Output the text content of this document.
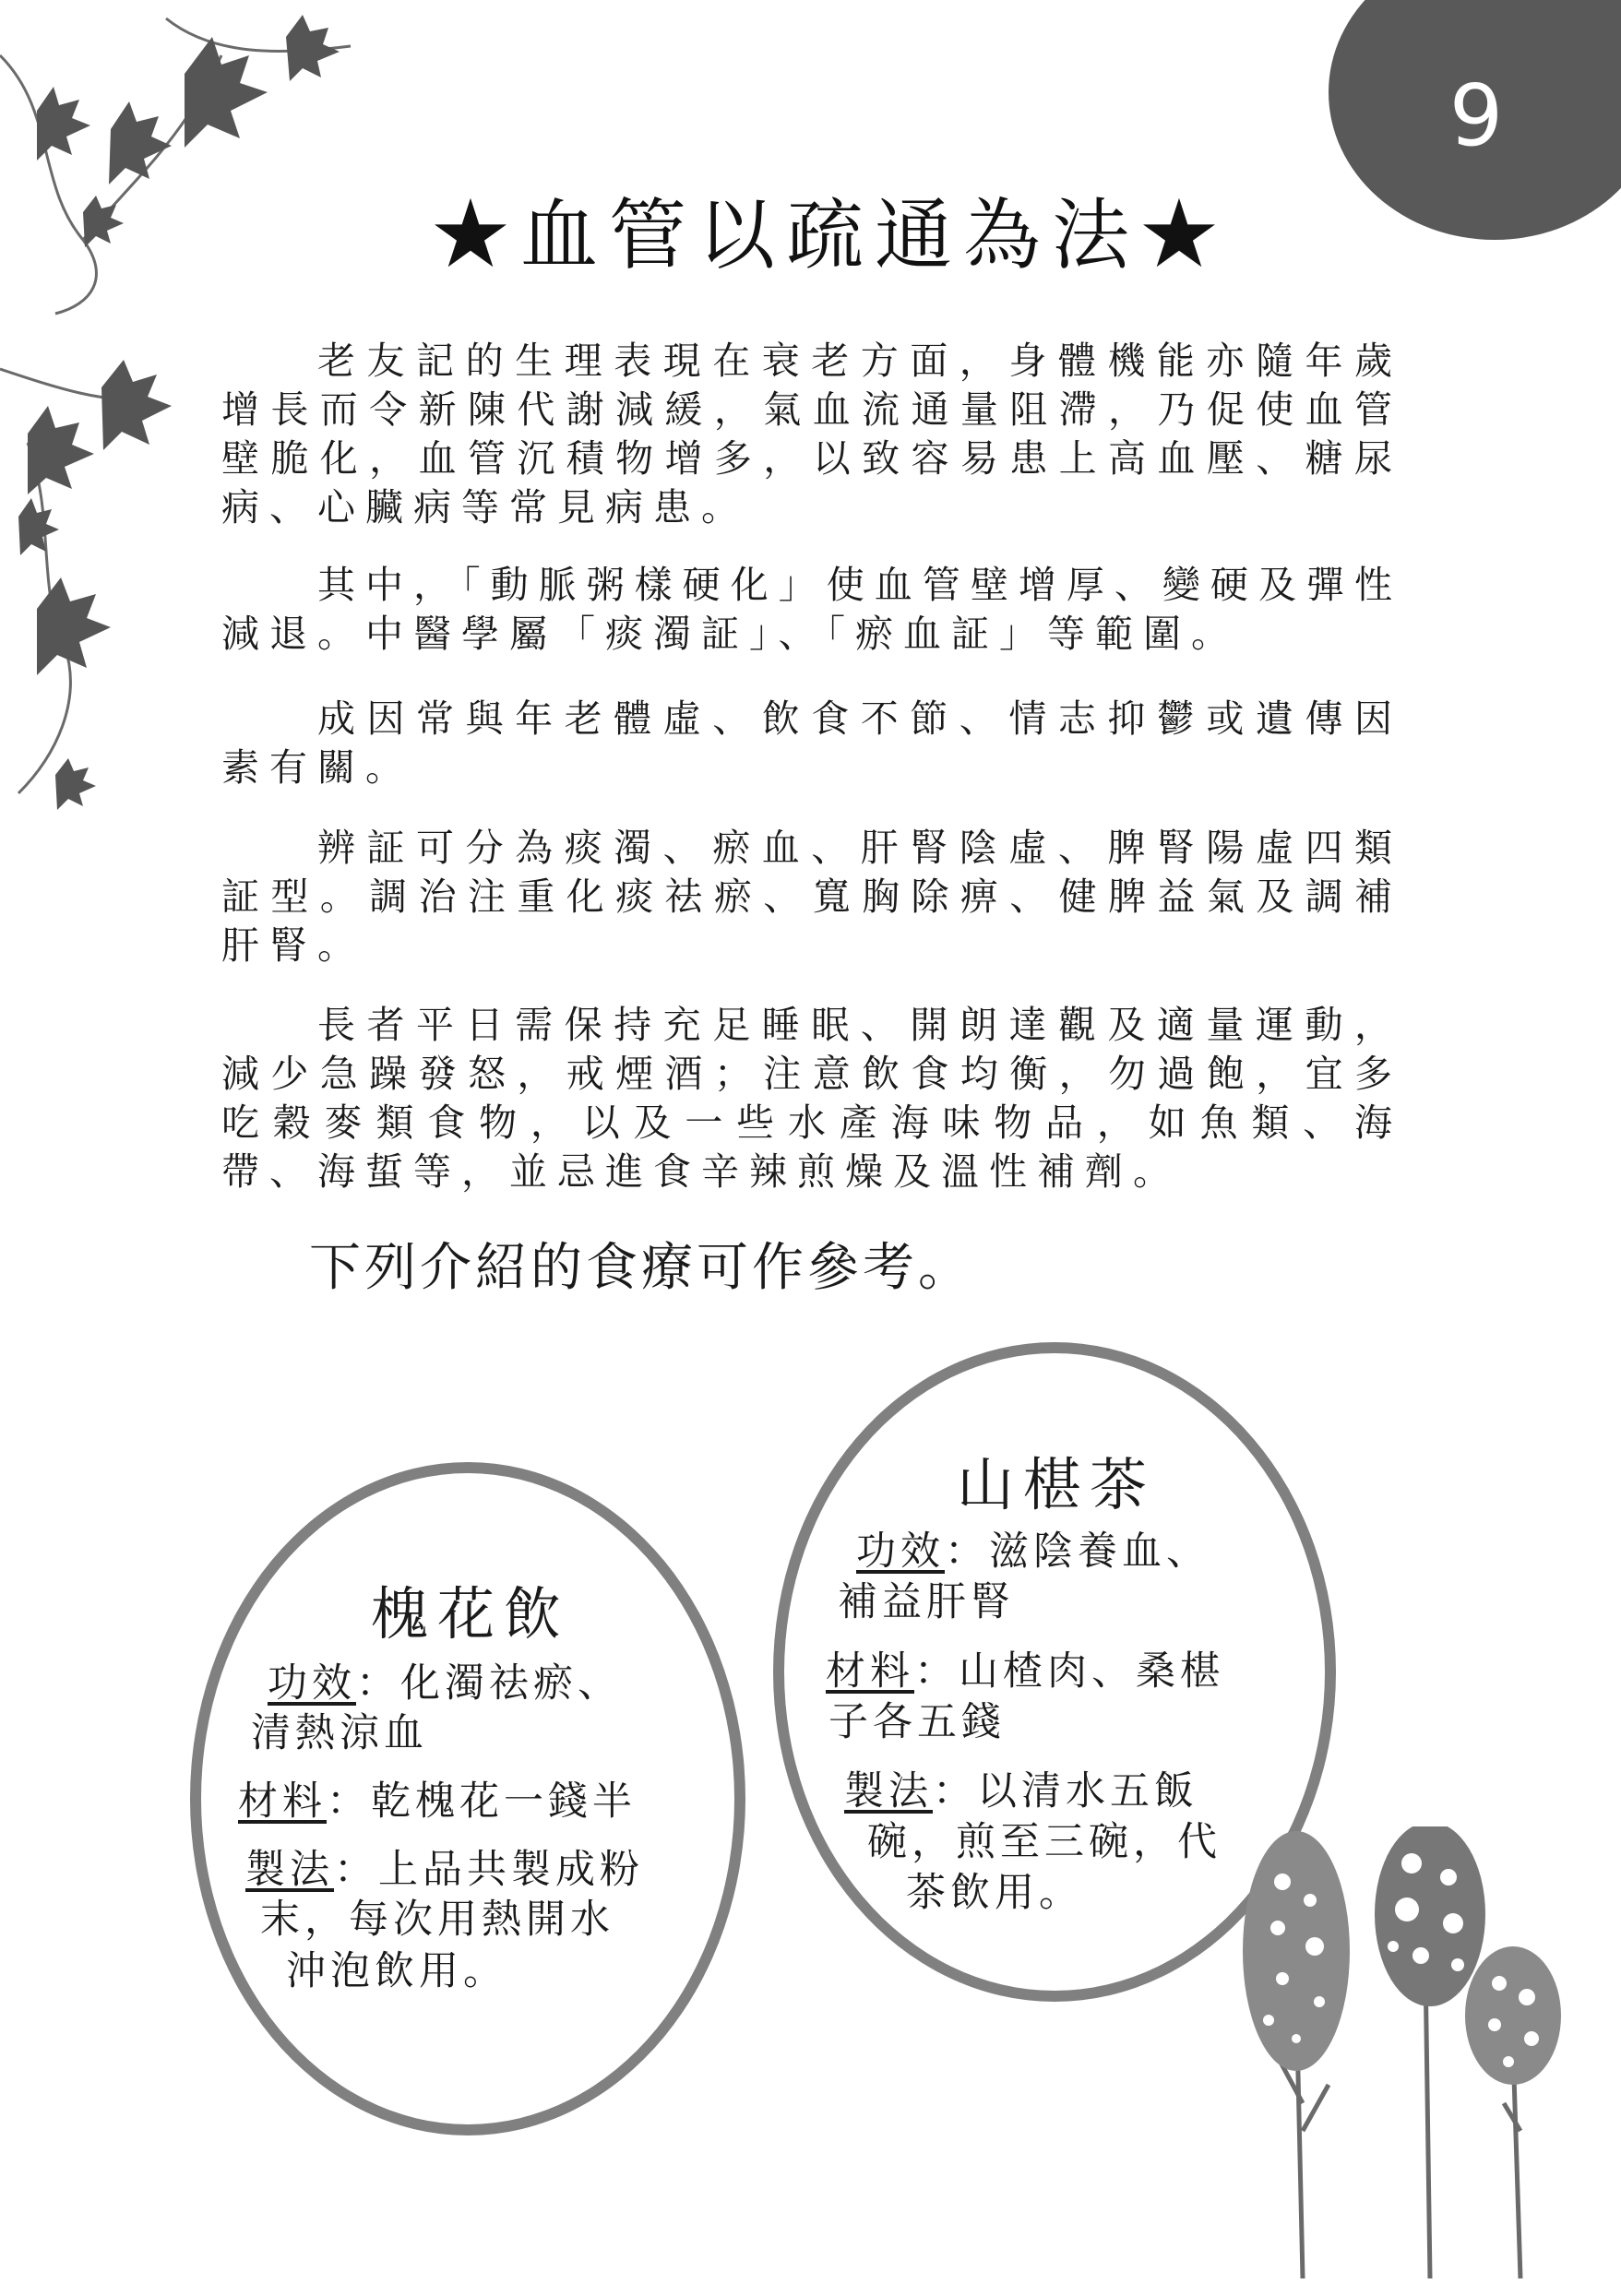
9
★血管以疏通為法★

老友記的生理表現在衰老方面，身體機能亦隨年歲增長而令新陳代謝減緩，氣血流通量阻滯，乃促使血管壁脆化，血管沉積物增多，以致容易患上高血壓、糖尿病、心臟病等常見病患。

其中，「動脈粥樣硬化」使血管壁增厚、變硬及彈性減退。中醫學屬「痰濁証」、「瘀血証」等範圍。

成因常與年老體虛、飲食不節、情志抑鬱或遺傳因素有關。

辨証可分為痰濁、瘀血、肝腎陰虛、脾腎陽虛四類証型。調治注重化痰祛瘀、寬胸除痹、健脾益氣及調補肝腎。

長者平日需保持充足睡眠、開朗達觀及適量運動，減少急躁發怒，戒煙酒；注意飲食均衡，勿過飽，宜多吃穀麥類食物，以及一些水產海味物品，如魚類、海帶、海蜇等，並忌進食辛辣煎燥及溫性補劑。

下列介紹的食療可作參考。
槐花飲
功效：化濁祛瘀、
清熱涼血
材料：乾槐花一錢半
製法：上品共製成粉
末，每次用熱開水
沖泡飲用。
山椹茶
功效：滋陰養血、
補益肝腎
材料：山楂肉、桑椹
子各五錢
製法：以清水五飯
碗，煎至三碗，代
茶飲用。
